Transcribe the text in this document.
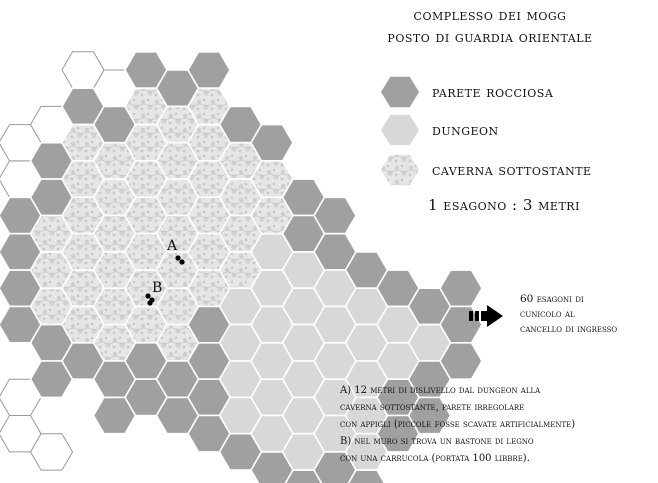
complesso dei mogg
posto di guardia orientale
parete rocciosa
dungeon
caverna sottostante
1 esagono : 3 metri
60 esagoni di
cunicolo al
cancello di ingresso
A
B
A) 12 metri di dislivello dal dungeon alla
caverna sottostante, parete irregolare
con appigli (piccole fosse scavate artificialmente)
B) nel muro si trova un bastone di legno
con una carrucola (portata 100 libbre).
